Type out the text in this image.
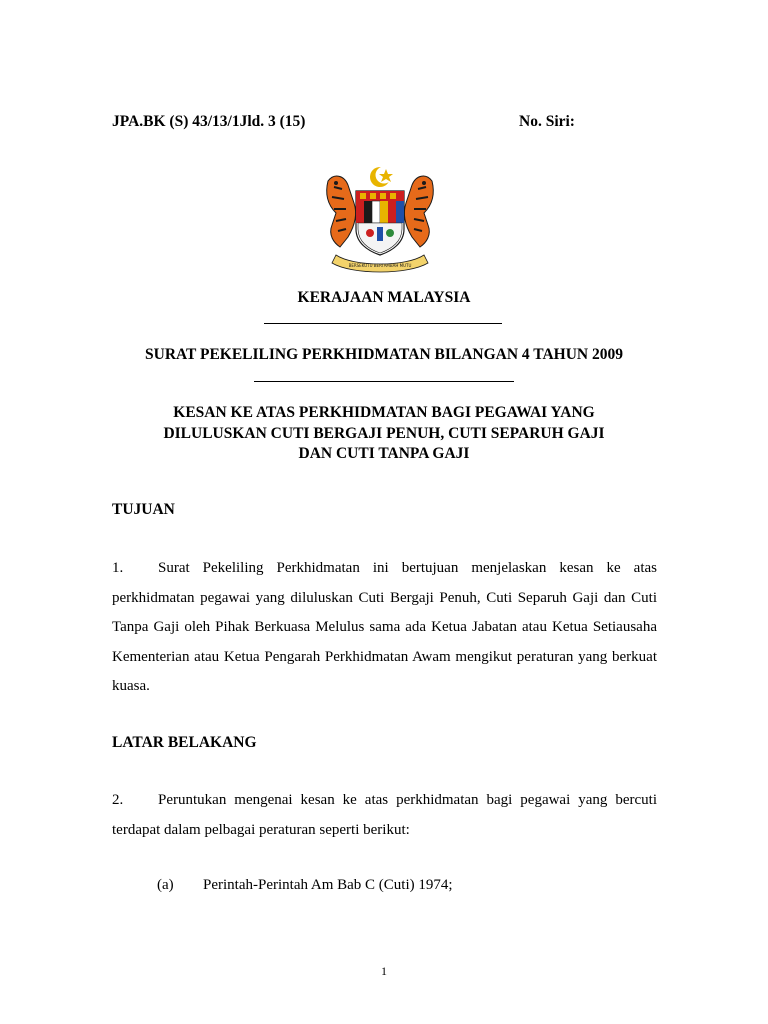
JPA.BK (S) 43/13/1Jld. 3 (15)	No. Siri:
BERSEKUTU BERTAMBAH MUTU
KERAJAAN MALAYSIA
SURAT PEKELILING PERKHIDMATAN BILANGAN 4 TAHUN 2009
KESAN KE ATAS PERKHIDMATAN BAGI PEGAWAI YANG
DILULUSKAN CUTI BERGAJI PENUH, CUTI SEPARUH GAJI
DAN CUTI TANPA GAJI
TUJUAN
1. Surat Pekeliling Perkhidmatan ini bertujuan menjelaskan kesan ke atas perkhidmatan pegawai yang diluluskan Cuti Bergaji Penuh, Cuti Separuh Gaji dan Cuti Tanpa Gaji oleh Pihak Berkuasa Melulus sama ada Ketua Jabatan atau Ketua Setiausaha Kementerian atau Ketua Pengarah Perkhidmatan Awam mengikut peraturan yang berkuat kuasa.
LATAR BELAKANG
2. Peruntukan mengenai kesan ke atas perkhidmatan bagi pegawai yang bercuti terdapat dalam pelbagai peraturan seperti berikut:
(a) Perintah-Perintah Am Bab C (Cuti) 1974;
1
